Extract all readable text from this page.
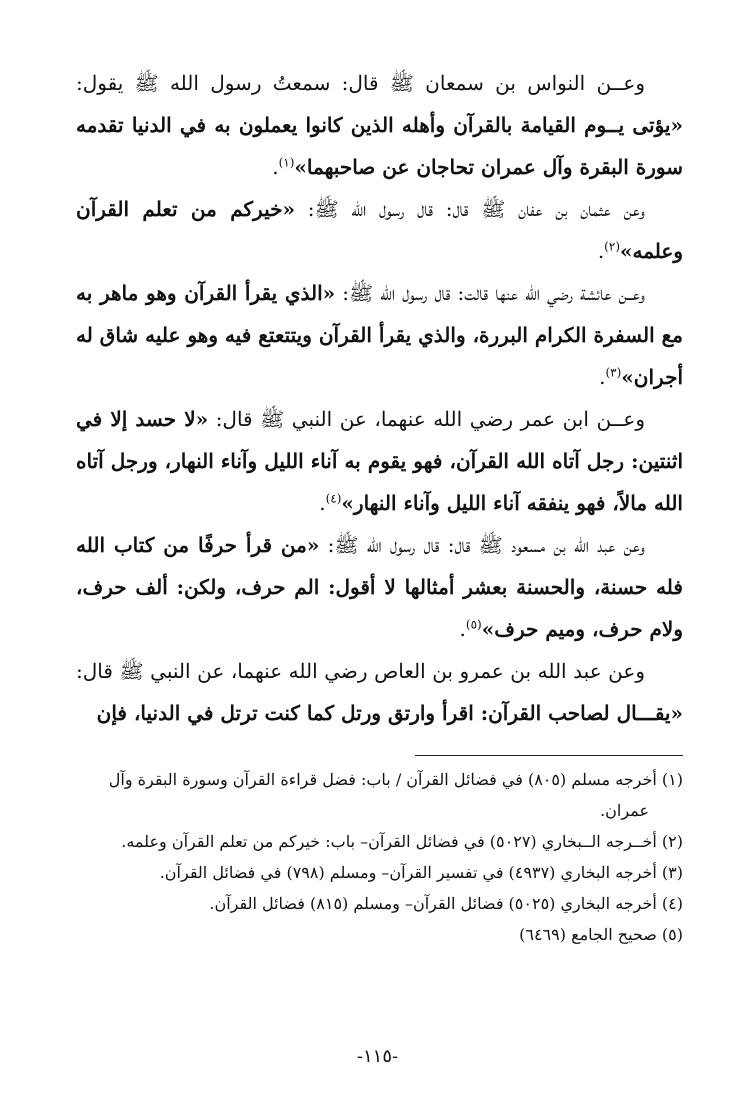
وعــن النواس بن سمعان ﷺ قال: سمعتُ رسول الله ﷺ يقول: «يؤتى يــوم القيامة بالقرآن وأهله الذين كانوا يعملون به في الدنيا تقدمه سورة البقرة وآل عمران تحاجان عن صاحبهما»$^{(١)}$.

وعن عثمان بن عفان ﷺ قال: قال رسول الله ﷺ: «خيركم من تعلم القرآن وعلمه»$^{(٢)}$.

وعــن عائشة رضي الله عنها قالت: قال رسول الله ﷺ: «الذي يقرأ القرآن وهو ماهر به مع السفرة الكرام البررة، والذي يقرأ القرآن ويتتعتع فيه وهو عليه شاق له أجران»$^{(٣)}$.

وعــن ابن عمر رضي الله عنهما، عن النبي ﷺ قال: «لا حسد إلا في اثنتين: رجل آتاه الله القرآن، فهو يقوم به آناء الليل وآناء النهار، ورجل آتاه الله مالاً، فهو ينفقه آناء الليل وآناء النهار»$^{(٤)}$.

وعن عبد الله بن مسعود ﷺ قال: قال رسول الله ﷺ: «من قرأ حرفًا من كتاب الله فله حسنة، والحسنة بعشر أمثالها لا أقول: الم حرف، ولكن: ألف حرف، ولام حرف، وميم حرف»$^{(٥)}$.

وعن عبد الله بن عمرو بن العاص رضي الله عنهما، عن النبي ﷺ قال: «يقـــال لصاحب القرآن: اقرأ وارتق ورتل كما كنت ترتل في الدنيا، فإن

(١) أخرجه مسلم (٨٠٥) في فضائل القرآن / باب: فضل قراءة القرآن وسورة البقرة وآل عمران.

(٢) أخــرجه الــبخاري (٥٠٢٧) في فضائل القرآن– باب: خيركم من تعلم القرآن وعلمه.

(٣) أخرجه البخاري (٤٩٣٧) في تفسير القرآن– ومسلم (٧٩٨) في فضائل القرآن.

(٤) أخرجه البخاري (٥٠٢٥) فضائل القرآن– ومسلم (٨١٥) فضائل القرآن.

(٥) صحيح الجامع (٦٤٦٩)

-١١٥-
